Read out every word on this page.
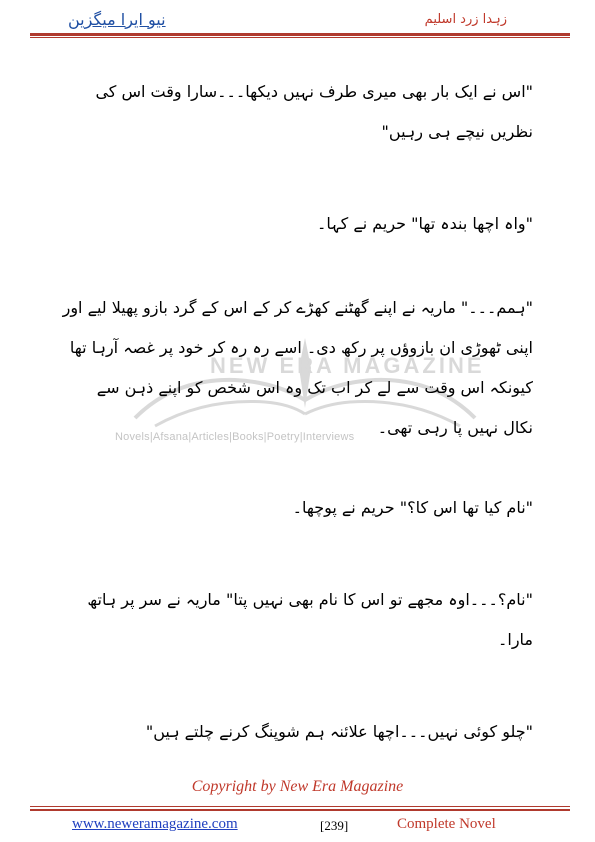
نیو ایرا میگزین	زہدا زرد اسلیم
NEW ERA MAGAZINE
Novels|Afsana|Articles|Books|Poetry|Interviews

"اس نے ایک بار بھی میری طرف نہیں دیکھا۔۔۔سارا وقت اس کی نظریں نیچے ہی رہیں"

"واہ اچھا بندہ تھا" حریم نے کہا۔

"ہمم۔۔۔" ماریہ نے اپنے گھٹنے کھڑے کر کے اس کے گرد بازو پھیلا لیے اور اپنی ٹھوڑی ان بازوؤں پر رکھ دی۔ اسے رہ رہ کر خود پر غصہ آرہا تھا کیونکہ اس وقت سے لے کر اب تک وہ اس شخص کو اپنے ذہن سے نکال نہیں پا رہی تھی۔

"نام کیا تھا اس کا؟" حریم نے پوچھا۔

"نام؟۔۔۔اوہ مجھے تو اس کا نام بھی نہیں پتا" ماریہ نے سر پر ہاتھ مارا۔

"چلو کوئی نہیں۔۔۔اچھا علائنہ ہم شوپنگ کرنے چلتے ہیں"

Copyright by New Era Magazine
www.neweramagazine.com	[239]	Complete Novel
